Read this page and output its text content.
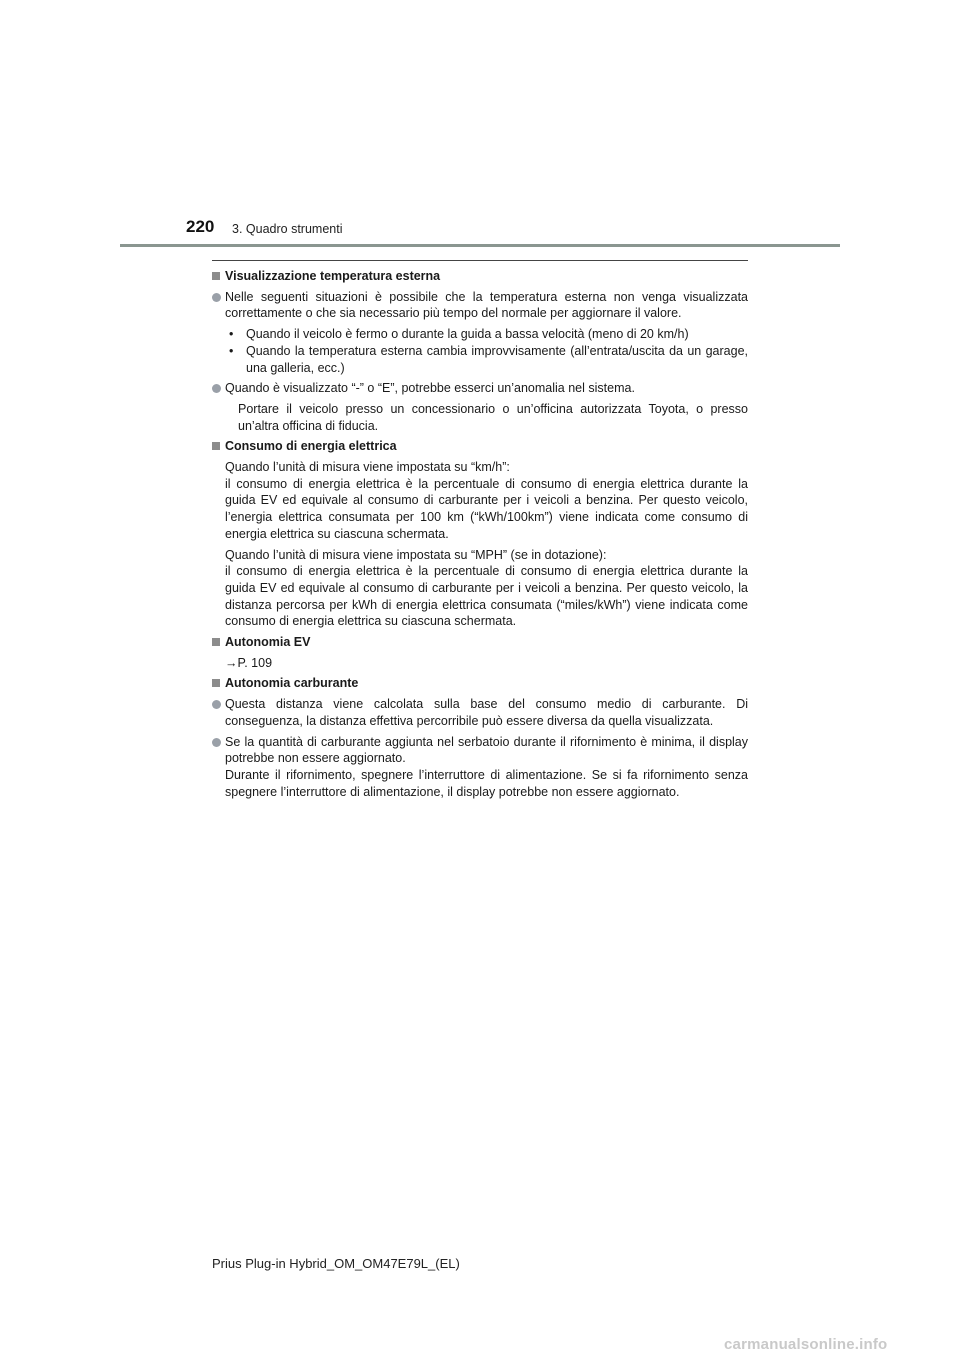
220 3. Quadro strumenti
Visualizzazione temperatura esterna
Nelle seguenti situazioni è possibile che la temperatura esterna non venga visualizzata correttamente o che sia necessario più tempo del normale per aggiornare il valore.
• Quando il veicolo è fermo o durante la guida a bassa velocità (meno di 20 km/h)
• Quando la temperatura esterna cambia improvvisamente (all’entrata/uscita da un garage, una galleria, ecc.)
Quando è visualizzato “-” o “E”, potrebbe esserci un’anomalia nel sistema.
Portare il veicolo presso un concessionario o un’officina autorizzata Toyota, o presso un’altra officina di fiducia.
Consumo di energia elettrica
Quando l’unità di misura viene impostata su “km/h”:
il consumo di energia elettrica è la percentuale di consumo di energia elettrica durante la guida EV ed equivale al consumo di carburante per i veicoli a benzina. Per questo veicolo, l’energia elettrica consumata per 100 km (“kWh/100km”) viene indicata come consumo di energia elettrica su ciascuna schermata.
Quando l’unità di misura viene impostata su “MPH” (se in dotazione):
il consumo di energia elettrica è la percentuale di consumo di energia elettrica durante la guida EV ed equivale al consumo di carburante per i veicoli a benzina. Per questo veicolo, la distanza percorsa per kWh di energia elettrica consumata (“miles/kWh”) viene indicata come consumo di energia elettrica su ciascuna schermata.
Autonomia EV
→P. 109
Autonomia carburante
Questa distanza viene calcolata sulla base del consumo medio di carburante. Di conseguenza, la distanza effettiva percorribile può essere diversa da quella visualizzata.
Se la quantità di carburante aggiunta nel serbatoio durante il rifornimento è minima, il display potrebbe non essere aggiornato.
Durante il rifornimento, spegnere l’interruttore di alimentazione. Se si fa rifornimento senza spegnere l’interruttore di alimentazione, il display potrebbe non essere aggiornato.
Prius Plug-in Hybrid_OM_OM47E79L_(EL)
carmanualsonline.info
